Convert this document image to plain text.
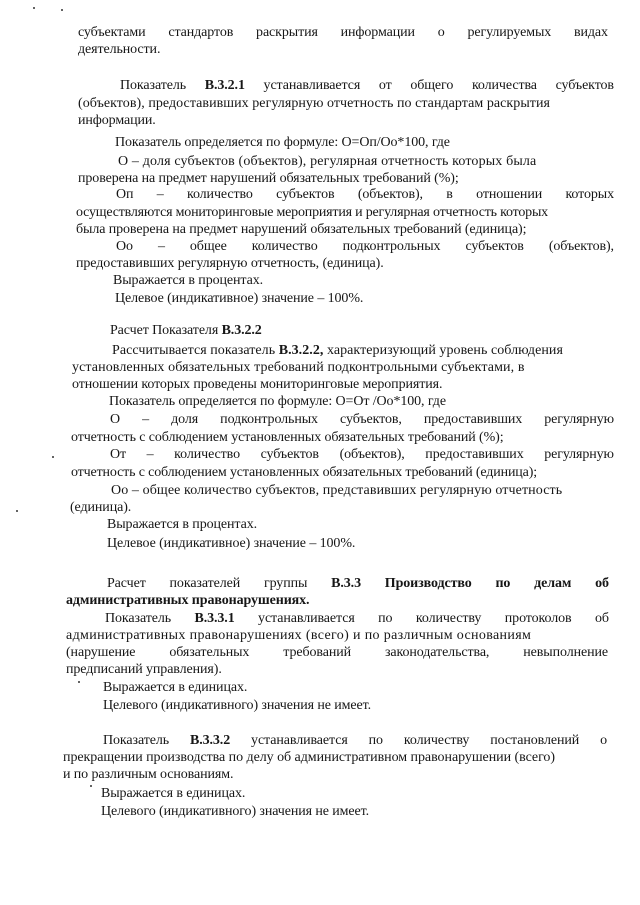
субъектами стандартов раскрытия информации о регулируемых видах

деятельности.

Показатель B.3.2.1 устанавливается от общего количества субъектов

(объектов), предоставивших регулярную отчетность по стандартам раскрытия

информации.

Показатель определяется по формуле: О=Оп/Оо*100, где

О – доля субъектов (объектов), регулярная отчетность которых была

проверена на предмет нарушений обязательных требований (%);

Оп – количество субъектов (объектов), в отношении которых

осуществляются мониторинговые мероприятия и регулярная отчетность которых

была проверена на предмет нарушений обязательных требований (единица);

Оо – общее количество подконтрольных субъектов (объектов),

предоставивших регулярную отчетность, (единица).

Выражается в процентах.

Целевое (индикативное) значение – 100%.

Расчет Показателя B.3.2.2

Рассчитывается показатель B.3.2.2, характеризующий уровень соблюдения

установленных обязательных требований подконтрольными субъектами, в

отношении которых проведены мониторинговые мероприятия.

Показатель определяется по формуле: О=От /Оо*100, где

О – доля подконтрольных субъектов, предоставивших регулярную

отчетность с соблюдением установленных обязательных требований (%);

От – количество субъектов (объектов), предоставивших регулярную

отчетность с соблюдением установленных обязательных требований (единица);

Оо – общее количество субъектов, представивших регулярную отчетность

(единица).

Выражается в процентах.

Целевое (индикативное) значение – 100%.

Расчет показателей группы B.3.3 Производство по делам об

административных правонарушениях.

Показатель B.3.3.1 устанавливается по количеству протоколов об

административных правонарушениях (всего) и по различным основаниям

(нарушение обязательных требований законодательства, невыполнение

предписаний управления).

Выражается в единицах.

Целевого (индикативного) значения не имеет.

Показатель B.3.3.2 устанавливается по количеству постановлений о

прекращении производства по делу об административном правонарушении (всего)

и по различным основаниям.

Выражается в единицах.

Целевого (индикативного) значения не имеет.
